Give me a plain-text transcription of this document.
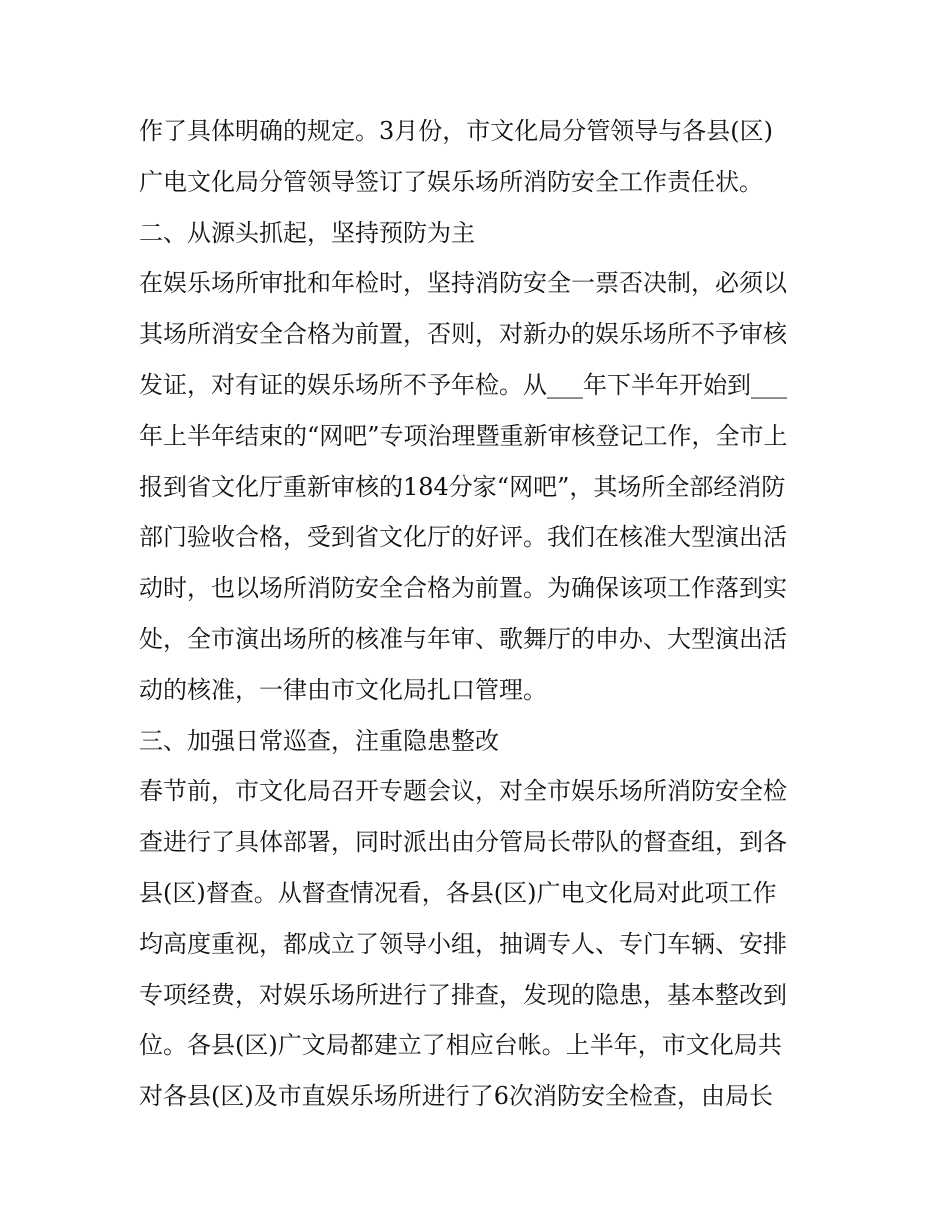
作了具体明确的规定。3月份，市文化局分管领导与各县(区)
广电文化局分管领导签订了娱乐场所消防安全工作责任状。
二、从源头抓起，坚持预防为主
在娱乐场所审批和年检时，坚持消防安全一票否决制，必须以
其场所消安全合格为前置，否则，对新办的娱乐场所不予审核
发证，对有证的娱乐场所不予年检。从___年下半年开始到___
年上半年结束的“网吧”专项治理暨重新审核登记工作，全市上
报到省文化厅重新审核的184分家“网吧”，其场所全部经消防
部门验收合格，受到省文化厅的好评。我们在核准大型演出活
动时，也以场所消防安全合格为前置。为确保该项工作落到实
处，全市演出场所的核准与年审、歌舞厅的申办、大型演出活
动的核准，一律由市文化局扎口管理。
三、加强日常巡查，注重隐患整改
春节前，市文化局召开专题会议，对全市娱乐场所消防安全检
查进行了具体部署，同时派出由分管局长带队的督查组，到各
县(区)督查。从督查情况看，各县(区)广电文化局对此项工作
均高度重视，都成立了领导小组，抽调专人、专门车辆、安排
专项经费，对娱乐场所进行了排查，发现的隐患，基本整改到
位。各县(区)广文局都建立了相应台帐。上半年，市文化局共
对各县(区)及市直娱乐场所进行了6次消防安全检查，由局长
